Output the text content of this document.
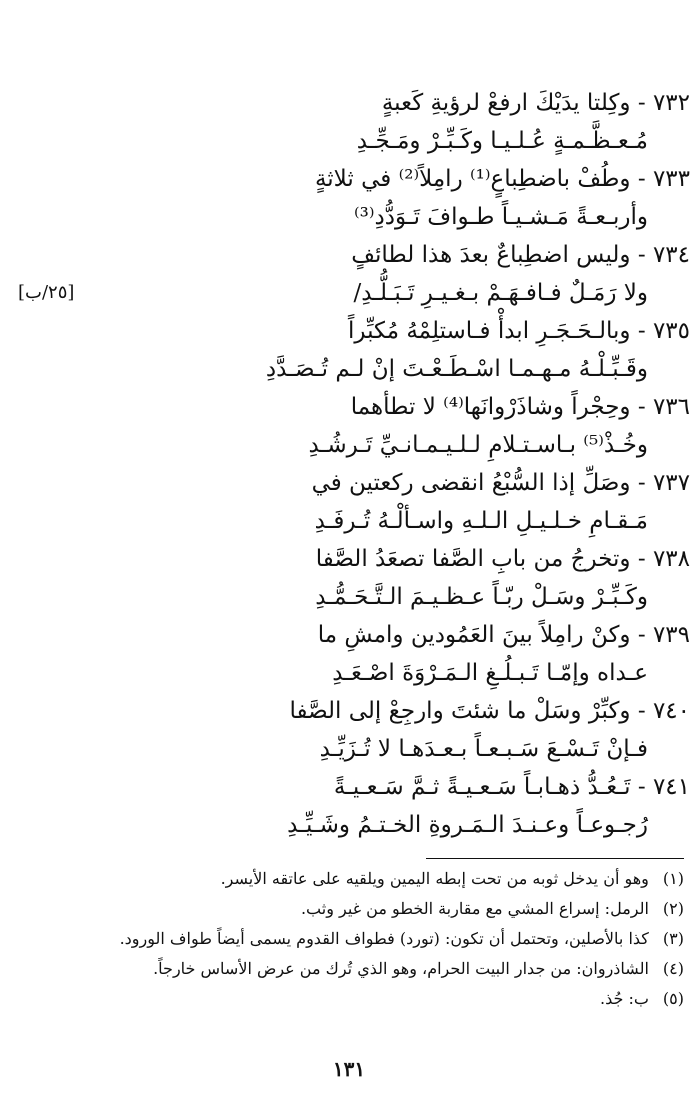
٧٣٢ - وكِلتا يدَيْكَ ارفعْ لرؤيةِ كَعبةٍ
مُـعـظَّـمـةٍ عُـلـيـا وكَـبِّـرْ ومَـجِّـدِ
٧٣٣ - وطُفْ باضطِباعٍ⁽¹⁾ رامِلاً⁽²⁾ في ثلاثةٍ
وأربـعـةً مَـشـيـاً طـوافَ تَـوَدُّدِ⁽³⁾
٧٣٤ - وليس اضطِباعٌ بعدَ هذا لطائفٍ
ولا رَمَـلٌ فـافـهَـمْ بـغـيـرِ تَـبَـلُّـدِ/
٧٣٥ - وبالـحَـجَـرِ ابدأْ فـاستلِمْهُ مُكبِّراً
وقَـبِّـلْـهُ مـهـمـا اسْـطَـعْـتَ إنْ لـم تُـصَـدَّدِ
٧٣٦ - وحِجْراً وشاذَرْوانَها⁽⁴⁾ لا تطأهما
وخُـذْ⁽⁵⁾ بـاسـتـلامِ لـلـيـمـانـيِّ تَـرشُـدِ
٧٣٧ - وصَلِّ إذا السُّبْعُ انقضى ركعتين في
مَـقـامِ خـلـيـلِ الـلـهِ واسـألْـهُ تُـرفَـدِ
٧٣٨ - وتخرجُ من بابِ الصَّفا تصعَدُ الصَّفا
وكَـبِّـرْ وسَـلْ ربّـاً عـظـيـمَ الـتَّـحَـمُّـدِ
٧٣٩ - وكنْ رامِلاً بينَ العَمُودين وامشِ ما
عـداه وإمّـا تَـبـلُـغِ الـمَـرْوَةَ اصْـعَـدِ
٧٤٠ - وكبِّرْ وسَلْ ما شئتَ وارجِعْ إلى الصَّفا
فـإنْ تَـسْـعَ سَـبـعـاً بـعـدَهـا لا تُـزَيِّـدِ
٧٤١ - تَـعُـدُّ ذهـابـاً سَـعـيـةً ثـمَّ سَـعـيـةً
رُجـوعـاً وعـنـدَ الـمَـروةِ الخـتـمُ وشَـيِّـدِ
[٢٥/ب]
(١) وهو أن يدخل ثوبه من تحت إبطه اليمين ويلقيه على عاتقه الأيسر.
(٢) الرمل: إسراع المشي مع مقاربة الخطو من غير وثب.
(٣) كذا بالأصلين، وتحتمل أن تكون: (تورد) فطواف القدوم يسمى أيضاً طواف الورود.
(٤) الشاذروان: من جدار البيت الحرام، وهو الذي تُرك من عرض الأساس خارجاً.
(٥) ب: جُذ.
١٣١
